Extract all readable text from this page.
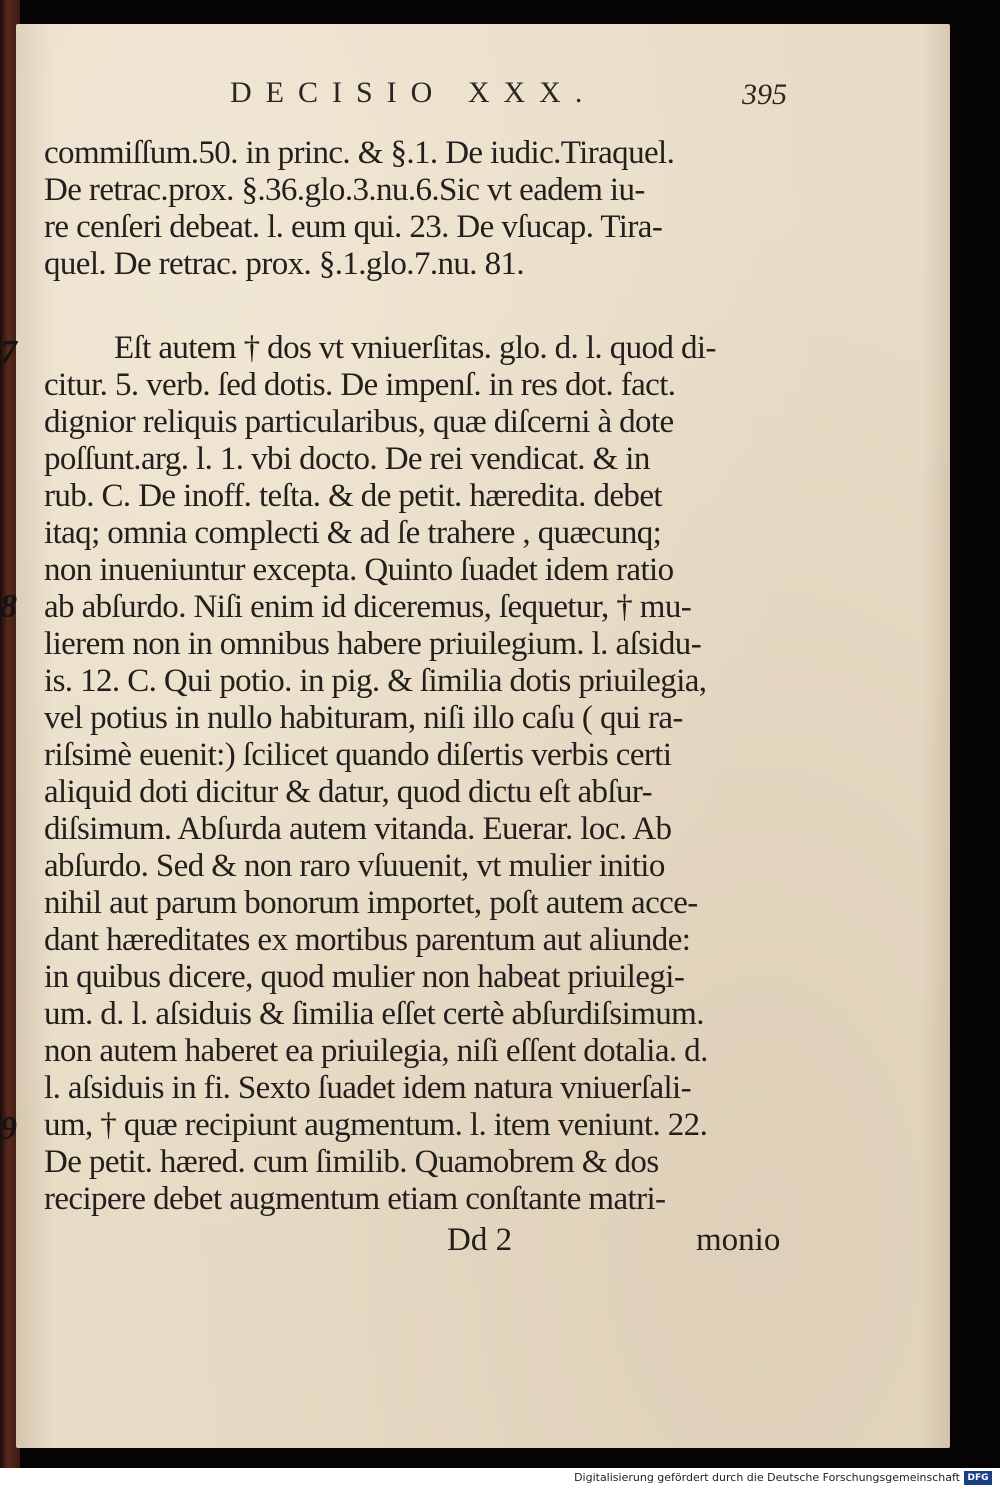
DECISIO XXX.	395
commiſſum.50. in princ. & §.1. De iudic.Tiraquel.
De retrac.prox. §.36.glo.3.nu.6.Sic vt eadem iu-
re cenſeri debeat. l. eum qui. 23. De vſucap. Tira-
quel. De retrac. prox. §.1.glo.7.nu. 81.
Eſt autem † dos vt vniuerſitas. glo. d. l. quod di-
citur. 5. verb. ſed dotis. De impenſ. in res dot. fact.
dignior reliquis particularibus, quæ diſcerni à dote
poſſunt.arg. l. 1. vbi docto. De rei vendicat. & in
rub. C. De inoff. teſta. & de petit. hæredita. debet
itaq; omnia complecti & ad ſe trahere , quæcunq;
non inueniuntur excepta. Quinto ſuadet idem ratio
ab abſurdo. Niſi enim id diceremus, ſequetur, † mu-
lierem non in omnibus habere priuilegium. l. aſsidu-
is. 12. C. Qui potio. in pig. & ſimilia dotis priuilegia,
vel potius in nullo habituram, niſi illo caſu ( qui ra-
riſsimè euenit:) ſcilicet quando diſertis verbis certi
aliquid doti dicitur & datur, quod dictu eſt abſur-
diſsimum. Abſurda autem vitanda. Euerar. loc. Ab
abſurdo. Sed & non raro vſuuenit, vt mulier initio
nihil aut parum bonorum importet, poſt autem acce-
dant hæreditates ex mortibus parentum aut aliunde:
in quibus dicere, quod mulier non habeat priuilegi-
um. d. l. aſsiduis & ſimilia eſſet certè abſurdiſsimum.
non autem haberet ea priuilegia, niſi eſſent dotalia. d.
l. aſsiduis in fi. Sexto ſuadet idem natura vniuerſali-
um, † quæ recipiunt augmentum. l. item veniunt. 22.
De petit. hæred. cum ſimilib. Quamobrem & dos
recipere debet augmentum etiam conſtante matri-
7
8
9
Dd 2	monio
Digitalisierung gefördert durch die Deutsche Forschungsgemeinschaft DFG
